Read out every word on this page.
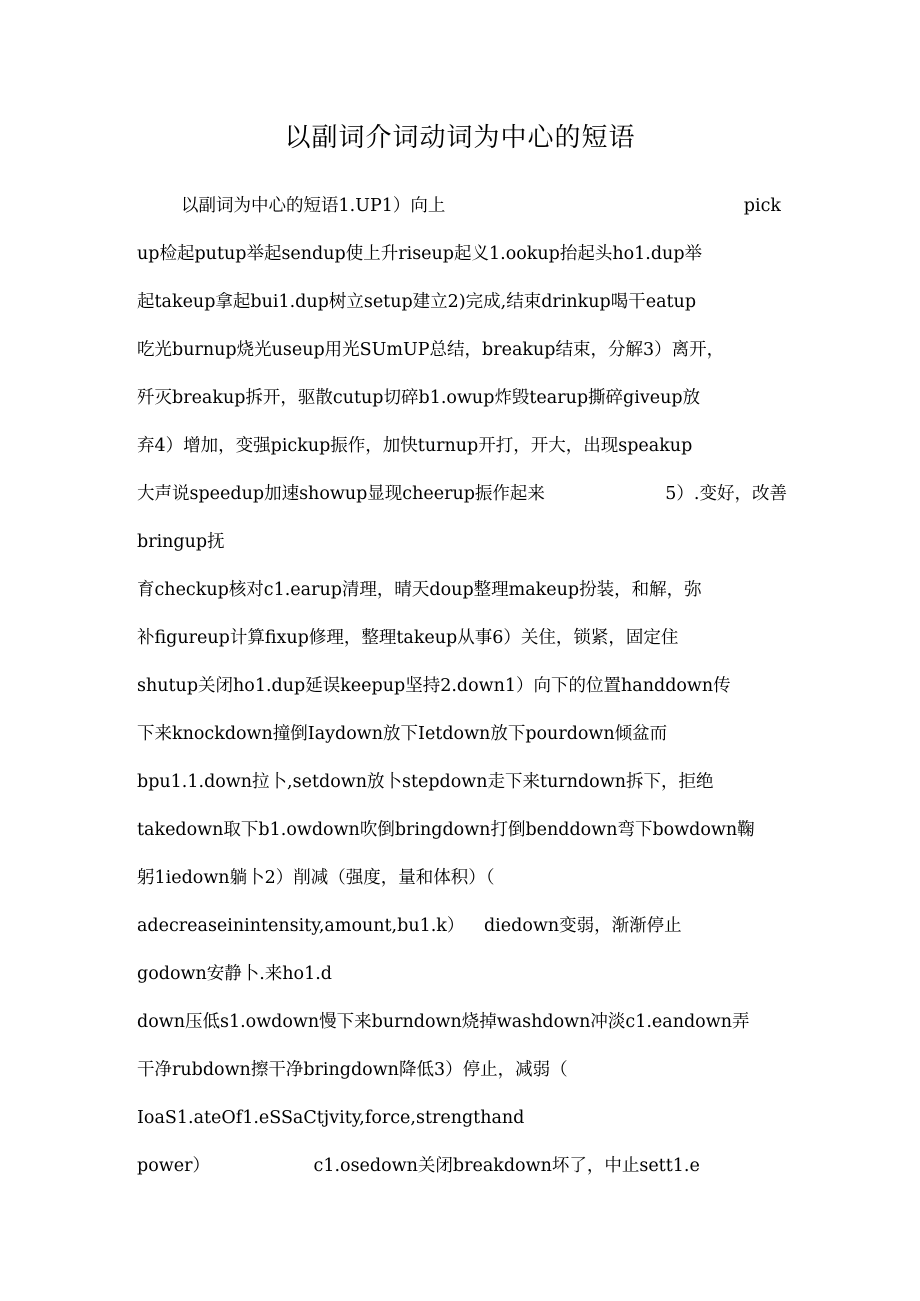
以副词介词动词为中心的短语
以副词为中心的短语1.UP1）向上	pick
up检起putup举起sendup使上升riseup起义1.ookup抬起头ho1.dup举
起takeup拿起bui1.dup树立setup建立2)完成,结束drinkup喝干eatup
吃光burnup烧光useup用光SUmUP总结，breakup结束，分解3）离开，
歼灭breakup拆开，驱散cutup切碎b1.owup炸毁tearup撕碎giveup放
弃4）增加，变强pickup振作，加快turnup开打，开大，出现speakup
大声说speedup加速showup显现cheerup振作起来	5）.变好，改善
bringup抚
育checkup核对c1.earup清理，晴天doup整理makeup扮装，和解，弥
补figureup计算fixup修理，整理takeup从事6）关住，锁紧，固定住
shutup关闭ho1.dup延误keepup坚持2.down1）向下的位置handdown传
下来knockdown撞倒Iaydown放下Ietdown放下pourdown倾盆而
bpu1.1.down拉卜,setdown放卜stepdown走下来turndown拆下，拒绝
takedown取下b1.owdown吹倒bringdown打倒benddown弯下bowdown鞠
躬1iedown躺卜2）削减（强度，量和体积）（
adecreaseinintensity,amount,bu1.k） diedown变弱，渐渐停止
godown安静卜.来ho1.d
down压低s1.owdown慢下来burndown烧掉washdown冲淡c1.eandown弄
干净rubdown擦干净bringdown降低3）停止，减弱（
IoaS1.ateOf1.eSSaCtjvity,force,strengthand
power）	c1.osedown关闭breakdown坏了，中止sett1.e
